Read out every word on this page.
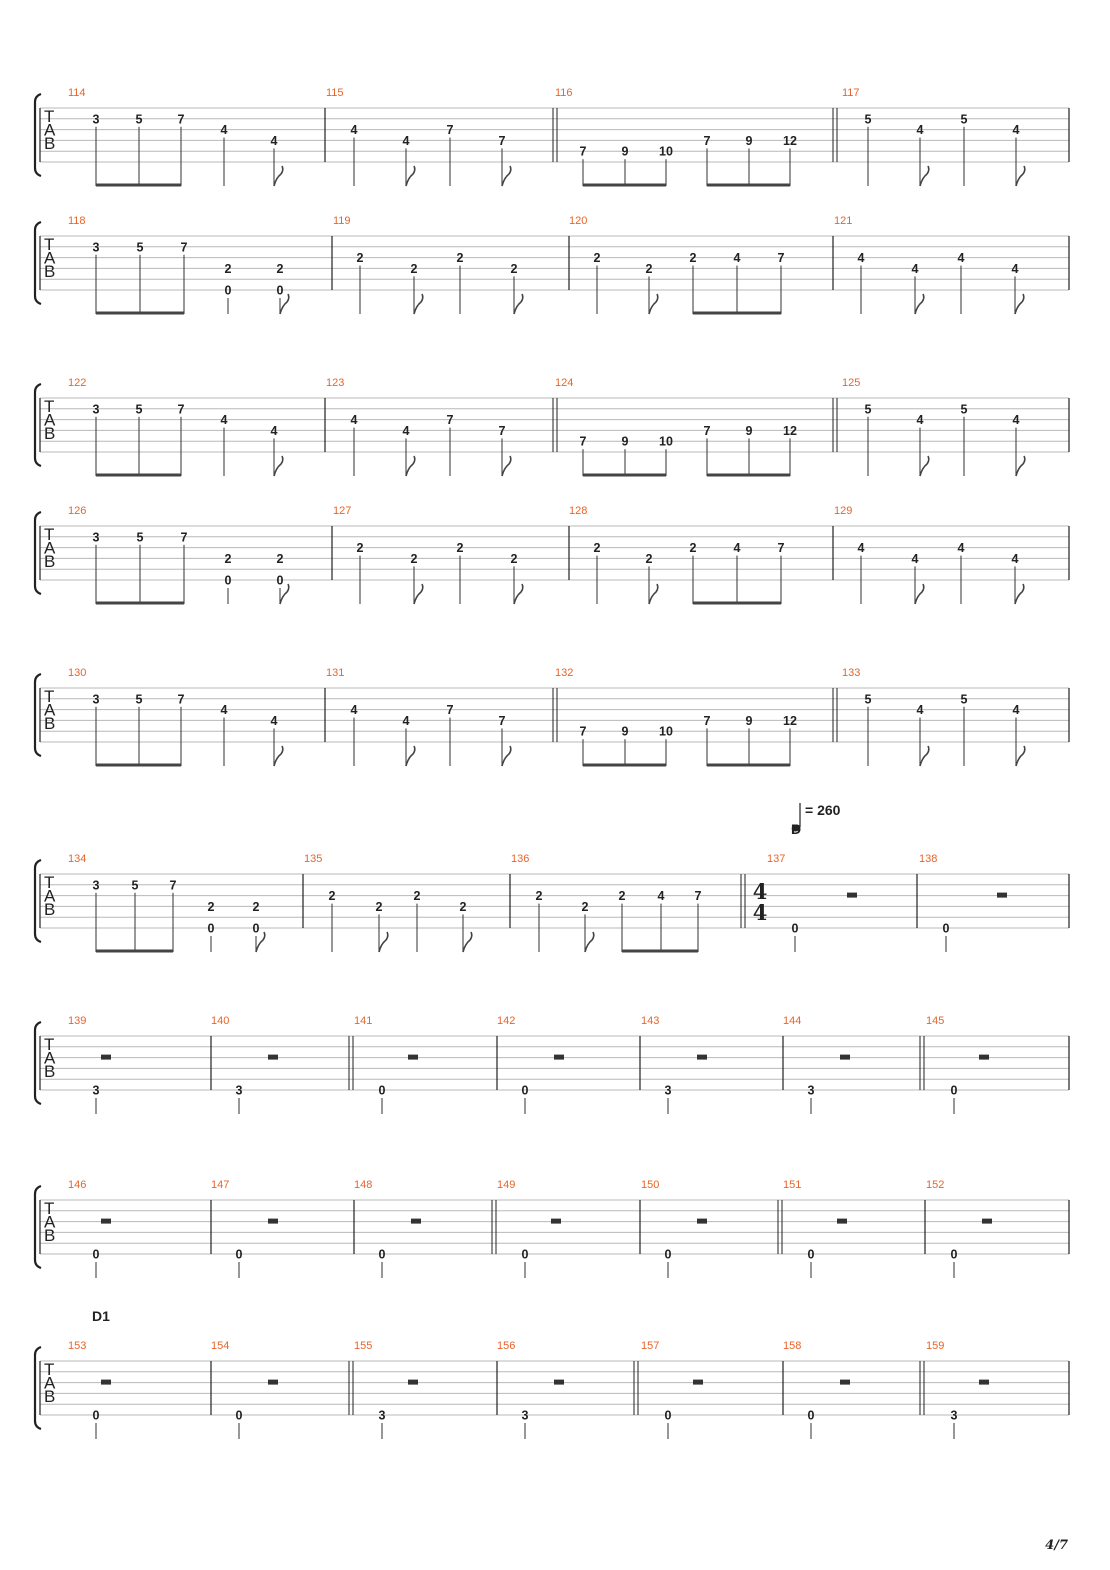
= 260
D
D1
T
A
B
114
3	5	7
4
4
115
4
4
7
7
116
7	9 10
7	9 12
117
5
4
5
4
T
A
B
118
3	5	7
2
0
2
0
119
2
2
2
2
120
2
2
2	4	7
121
4
4
4
4
T
A
B
122
3	5	7
4
4
123
4
4
7
7
124
7	9 10
7	9 12
125
5
4
5
4
T
A
B
126
3	5	7
2
0
2
0
127
2
2
2
2
128
2
2
2	4	7
129
4
4
4
4
T
A
B
130
3	5	7
4
4
131
4
4
7
7
132
7	9 10
7	9 12
133
5
4
5
4
T
A
B
134
3	5 7
2
0
2
0
135
2
2
2
2
136
2
2
2	4 7
137
0
4
4
138
0
T
A
B
139
3
140
3
141
0
142
0
143
3
144
3
145
0
T
A
B
146
0
147
0
148
0
149
0
150
0
151
0
152
0
T
A
B
153
0
154
0
155
3
156
3
157
0
158
0
159
3
4/7
